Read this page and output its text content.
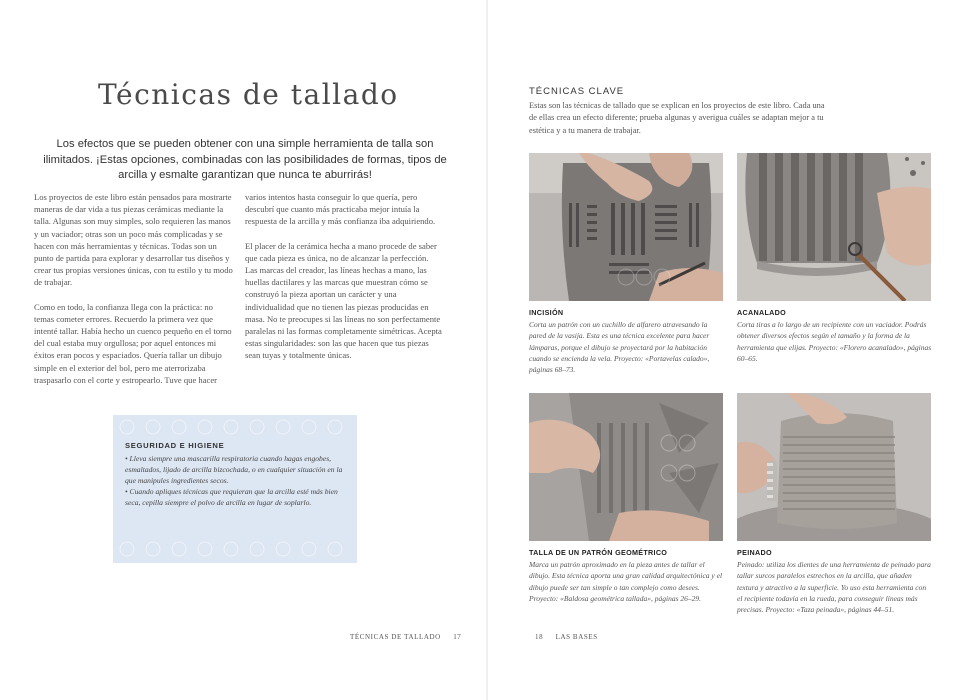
Técnicas de tallado

Los efectos que se pueden obtener con una simple herramienta de talla son ilimitados. ¡Estas opciones, combinadas con las posibilidades de formas, tipos de arcilla y esmalte garantizan que nunca te aburrirás!

Los proyectos de este libro están pensados para mostrarte maneras de dar vida a tus piezas cerámicas mediante la talla. Algunas son muy simples, solo requieren las manos y un vaciador; otras son un poco más complicadas y se hacen con más herramientas y técnicas. Todas son un punto de partida para explorar y desarrollar tus diseños y crear tus propias versiones únicas, con tu estilo y tu modo de trabajar.

Como en todo, la confianza llega con la práctica: no temas cometer errores. Recuerdo la primera vez que intenté tallar. Había hecho un cuenco pequeño en el torno del cual estaba muy orgullosa; por aquel entonces mi éxitos eran pocos y espaciados. Quería tallar un dibujo simple en el exterior del bol, pero me aterrorizaba traspasarlo con el corte y estropearlo. Tuve que hacer

varios intentos hasta conseguir lo que quería, pero descubrí que cuanto más practicaba mejor intuía la respuesta de la arcilla y más confianza iba adquiriendo.

El placer de la cerámica hecha a mano procede de saber que cada pieza es única, no de alcanzar la perfección. Las marcas del creador, las líneas hechas a mano, las huellas dactilares y las marcas que muestran cómo se construyó la pieza aportan un carácter y una individualidad que no tienen las piezas producidas en masa. No te preocupes si las líneas no son perfectamente paralelas ni las formas completamente simétricas. Acepta estas singularidades: son las que hacen que tus piezas sean tuyas y totalmente únicas.

SEGURIDAD E HIGIENE
• Lleva siempre una mascarilla respiratoria cuando hagas engobes, esmaltados, lijado de arcilla bizcochada, o en cualquier situación en la que manipules ingredientes secos.
• Cuando apliques técnicas que requieran que la arcilla esté más bien seca, cepilla siempre el polvo de arcilla en lugar de soplarlo.
TÉCNICAS DE TALLADO 17
TÉCNICAS CLAVE
Estas son las técnicas de tallado que se explican en los proyectos de este libro. Cada una de ellas crea un efecto diferente; prueba algunas y averigua cuáles se adaptan mejor a tu estética y a tu manera de trabajar.
INCISIÓN
Corta un patrón con un cuchillo de alfarero atravesando la pared de la vasija. Esta es una técnica excelente para hacer lámparas, porque el dibujo se proyectará por la habitación cuando se encienda la vela. Proyecto: «Portavelas calado», páginas 68–73.
ACANALADO
Corta tiras a lo largo de un recipiente con un vaciador. Podrás obtener diversos efectos según el tamaño y la forma de la herramienta que elijas. Proyecto: «Florero acanalado», páginas 60–65.
TALLA DE UN PATRÓN GEOMÉTRICO
Marca un patrón aproximado en la pieza antes de tallar el dibujo. Esta técnica aporta una gran calidad arquitectónica y el dibujo puede ser tan simple o tan complejo como desees. Proyecto: «Baldosa geométrica tallada», páginas 26–29.
PEINADO
Peinado: utiliza los dientes de una herramienta de peinado para tallar surcos paralelos estrechos en la arcilla, que añaden textura y atractivo a la superficie. Yo uso esta herramienta con el recipiente todavía en la rueda, para conseguir líneas más precisas. Proyecto: «Taza peinada», páginas 44–51.
18 LAS BASES
